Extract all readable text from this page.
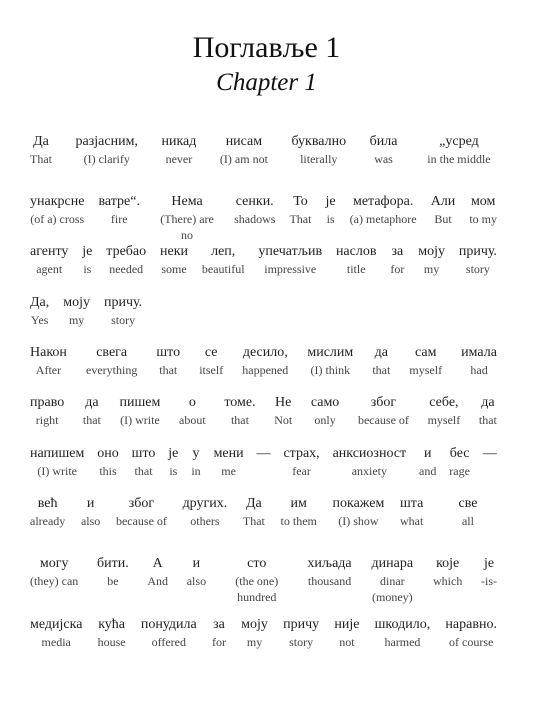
Поглавље 1
Chapter 1
Да
That
разјасним,
(I) clarify
никад
never
нисам
(I) am not
буквално
literally
била
was
„усред
in the middle
унакрсне
(of a) cross
ватре“.
fire
Нема
(There) are no
сенки.
shadows
То
That
је
is
метафора.
(a) metaphore
Али
But
мом
to my
агенту
agent
је
is
требао
needed
неки
some
леп,
beautiful
упечатљив
impressive
наслов
title
за
for
моју
my
причу.
story
Да,
Yes
моју
my
причу.
story
Након
After
свега
everything
што
that
се
itself
десило,
happened
мислим
(I) think
да
that
сам
myself
имала
had
право
right
да
that
пишем
(I) write
о
about
томе.
that
Не
Not
само
only
због
because of
себе,
myself
да
that
напишем
(I) write
оно
this
што
that
је
is
у
in
мени
me
— страх,
fear
анксиозност
anxiety
и
and
бес
rage
—
већ
already
и
also
због
because of
других.
others
Да
That
им
to them
покажем
(I) show
шта
what
све
all
могу
(they) can
бити.
be
А
And
и
also
сто
(the one) hundred
хиљада
thousand
динара
dinar (money)
које
which
је
-is-
медијска
media
кућа
house
понудила
offered
за
for
моју
my
причу
story
није
not
шкодило,
harmed
наравно.
of course
